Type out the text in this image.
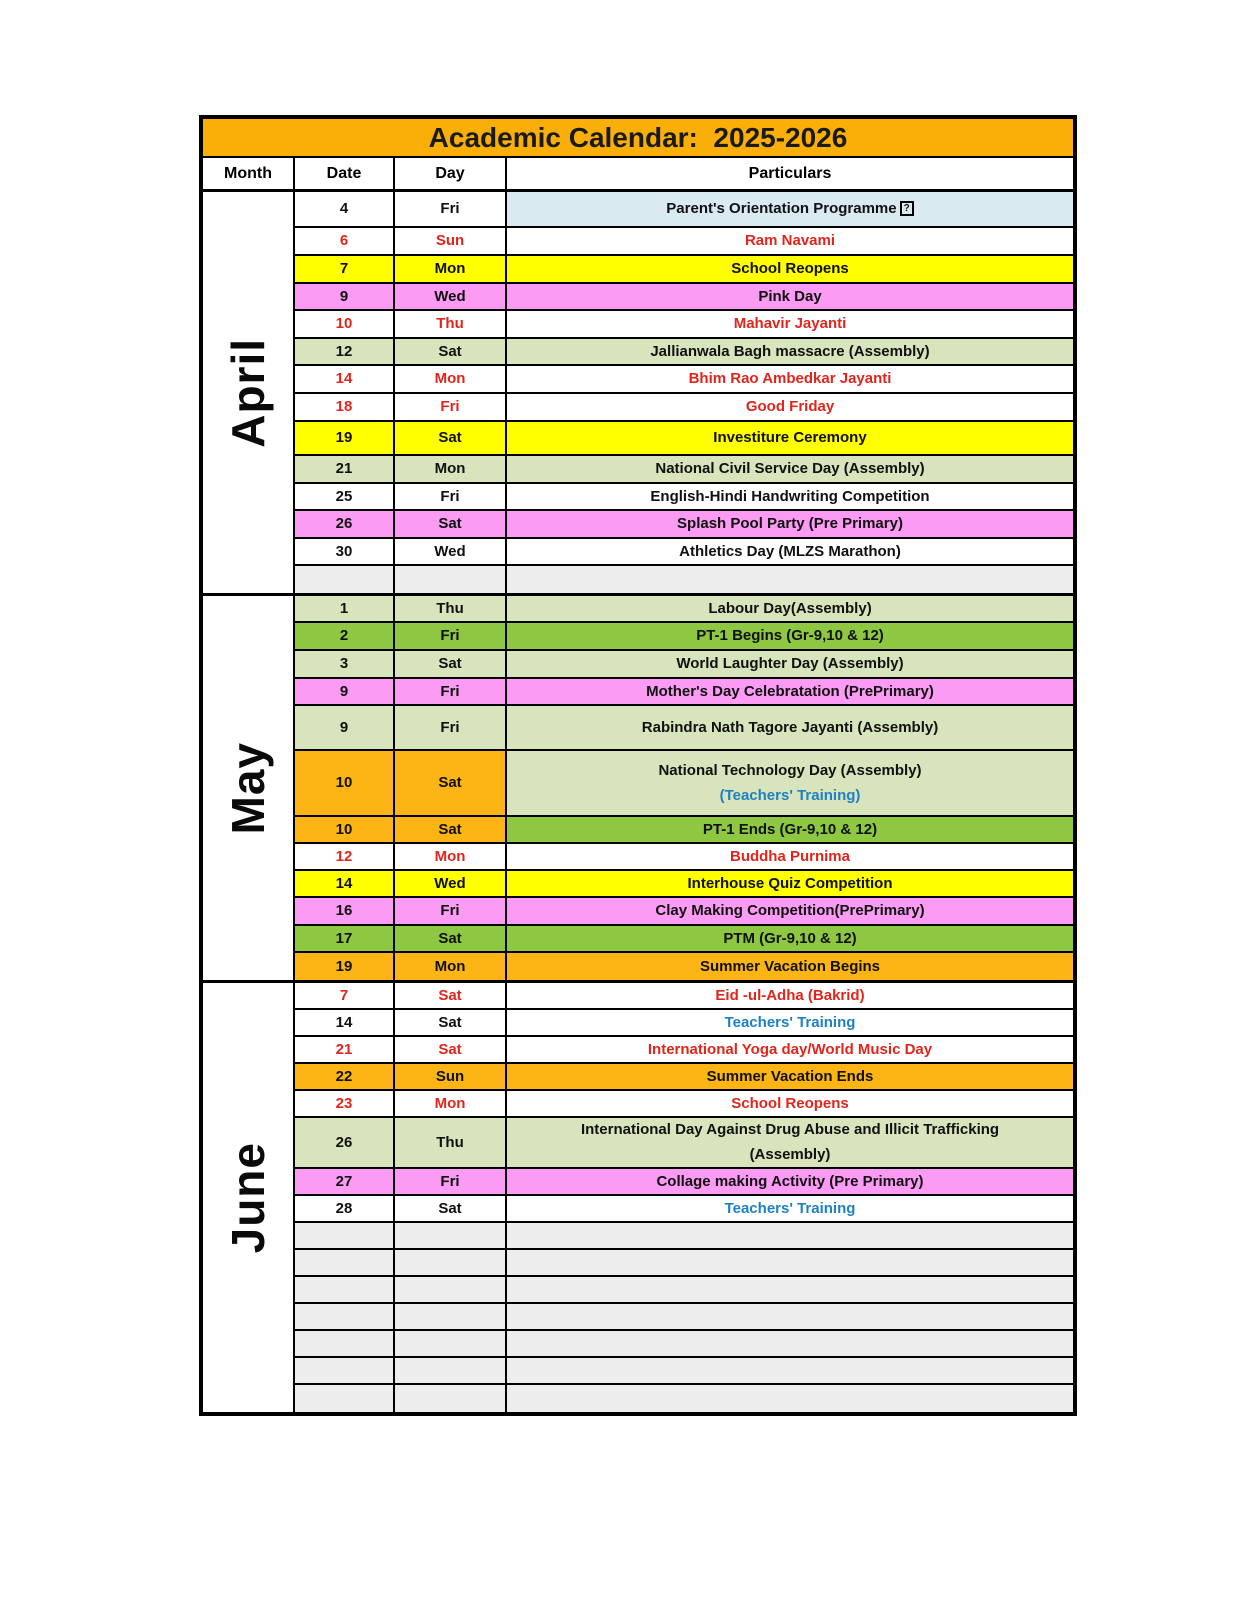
Academic Calendar:  2025-2026
Month	Date	Day	Particulars
April
4	Fri	Parent's Orientation Programme ?
6	Sun	Ram Navami
7	Mon	School Reopens
9	Wed	Pink Day
10	Thu	Mahavir Jayanti
12	Sat	Jallianwala Bagh massacre (Assembly)
14	Mon	Bhim Rao Ambedkar Jayanti
18	Fri	Good Friday
19	Sat	Investiture Ceremony
21	Mon	National Civil Service Day (Assembly)
25	Fri	English-Hindi Handwriting Competition
26	Sat	Splash Pool Party (Pre Primary)
30	Wed	Athletics Day (MLZS Marathon)
May
1	Thu	Labour Day(Assembly)
2	Fri	PT-1 Begins (Gr-9,10 & 12)
3	Sat	World Laughter Day (Assembly)
9	Fri	Mother's Day Celebratation (PrePrimary)
9	Fri	Rabindra Nath Tagore Jayanti (Assembly)
10	Sat
National Technology Day (Assembly)
(Teachers' Training)
10	Sat	PT-1 Ends (Gr-9,10 & 12)
12	Mon	Buddha Purnima
14	Wed	Interhouse Quiz Competition
16	Fri	Clay Making Competition(PrePrimary)
17	Sat	PTM (Gr-9,10 & 12)
19	Mon	Summer Vacation Begins
June
7	Sat	Eid -ul-Adha (Bakrid)
14	Sat	Teachers' Training
21	Sat	International Yoga day/World Music Day
22	Sun	Summer Vacation Ends
23	Mon	School Reopens
26	Thu
International Day Against Drug Abuse and Illicit Trafficking
(Assembly)
27	Fri	Collage making Activity (Pre Primary)
28	Sat	Teachers' Training
